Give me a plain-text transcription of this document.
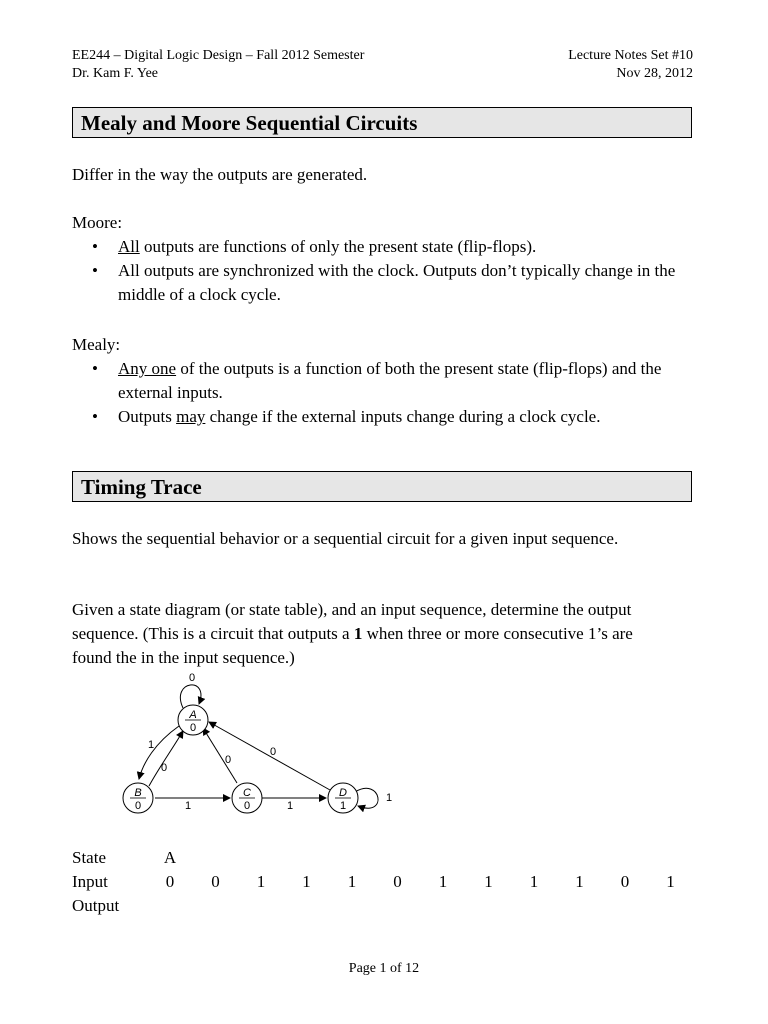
EE244 – Digital Logic Design – Fall 2012 Semester
Dr. Kam F. Yee
Lecture Notes Set #10
Nov 28, 2012
Mealy and Moore Sequential Circuits
Differ in the way the outputs are generated.
Moore:
• All outputs are functions of only the present state (flip-flops).
• All outputs are synchronized with the clock. Outputs don’t typically change in the middle of a clock cycle.
Mealy:
• Any one of the outputs is a function of both the present state (flip-flops) and the external inputs.
• Outputs may change if the external inputs change during a clock cycle.
Timing Trace
Shows the sequential behavior or a sequential circuit for a given input sequence.
Given a state diagram (or state table), and an input sequence, determine the output sequence. (This is a circuit that outputs a 1 when three or more consecutive 1’s are found the in the input sequence.)
0
1
0
1
0
1
0
1
A
0
B
0
C
0
D
1
State	A
Input	0	0	1	1	1	0	1	1	1	1	0	1
Output
Page 1 of 12
